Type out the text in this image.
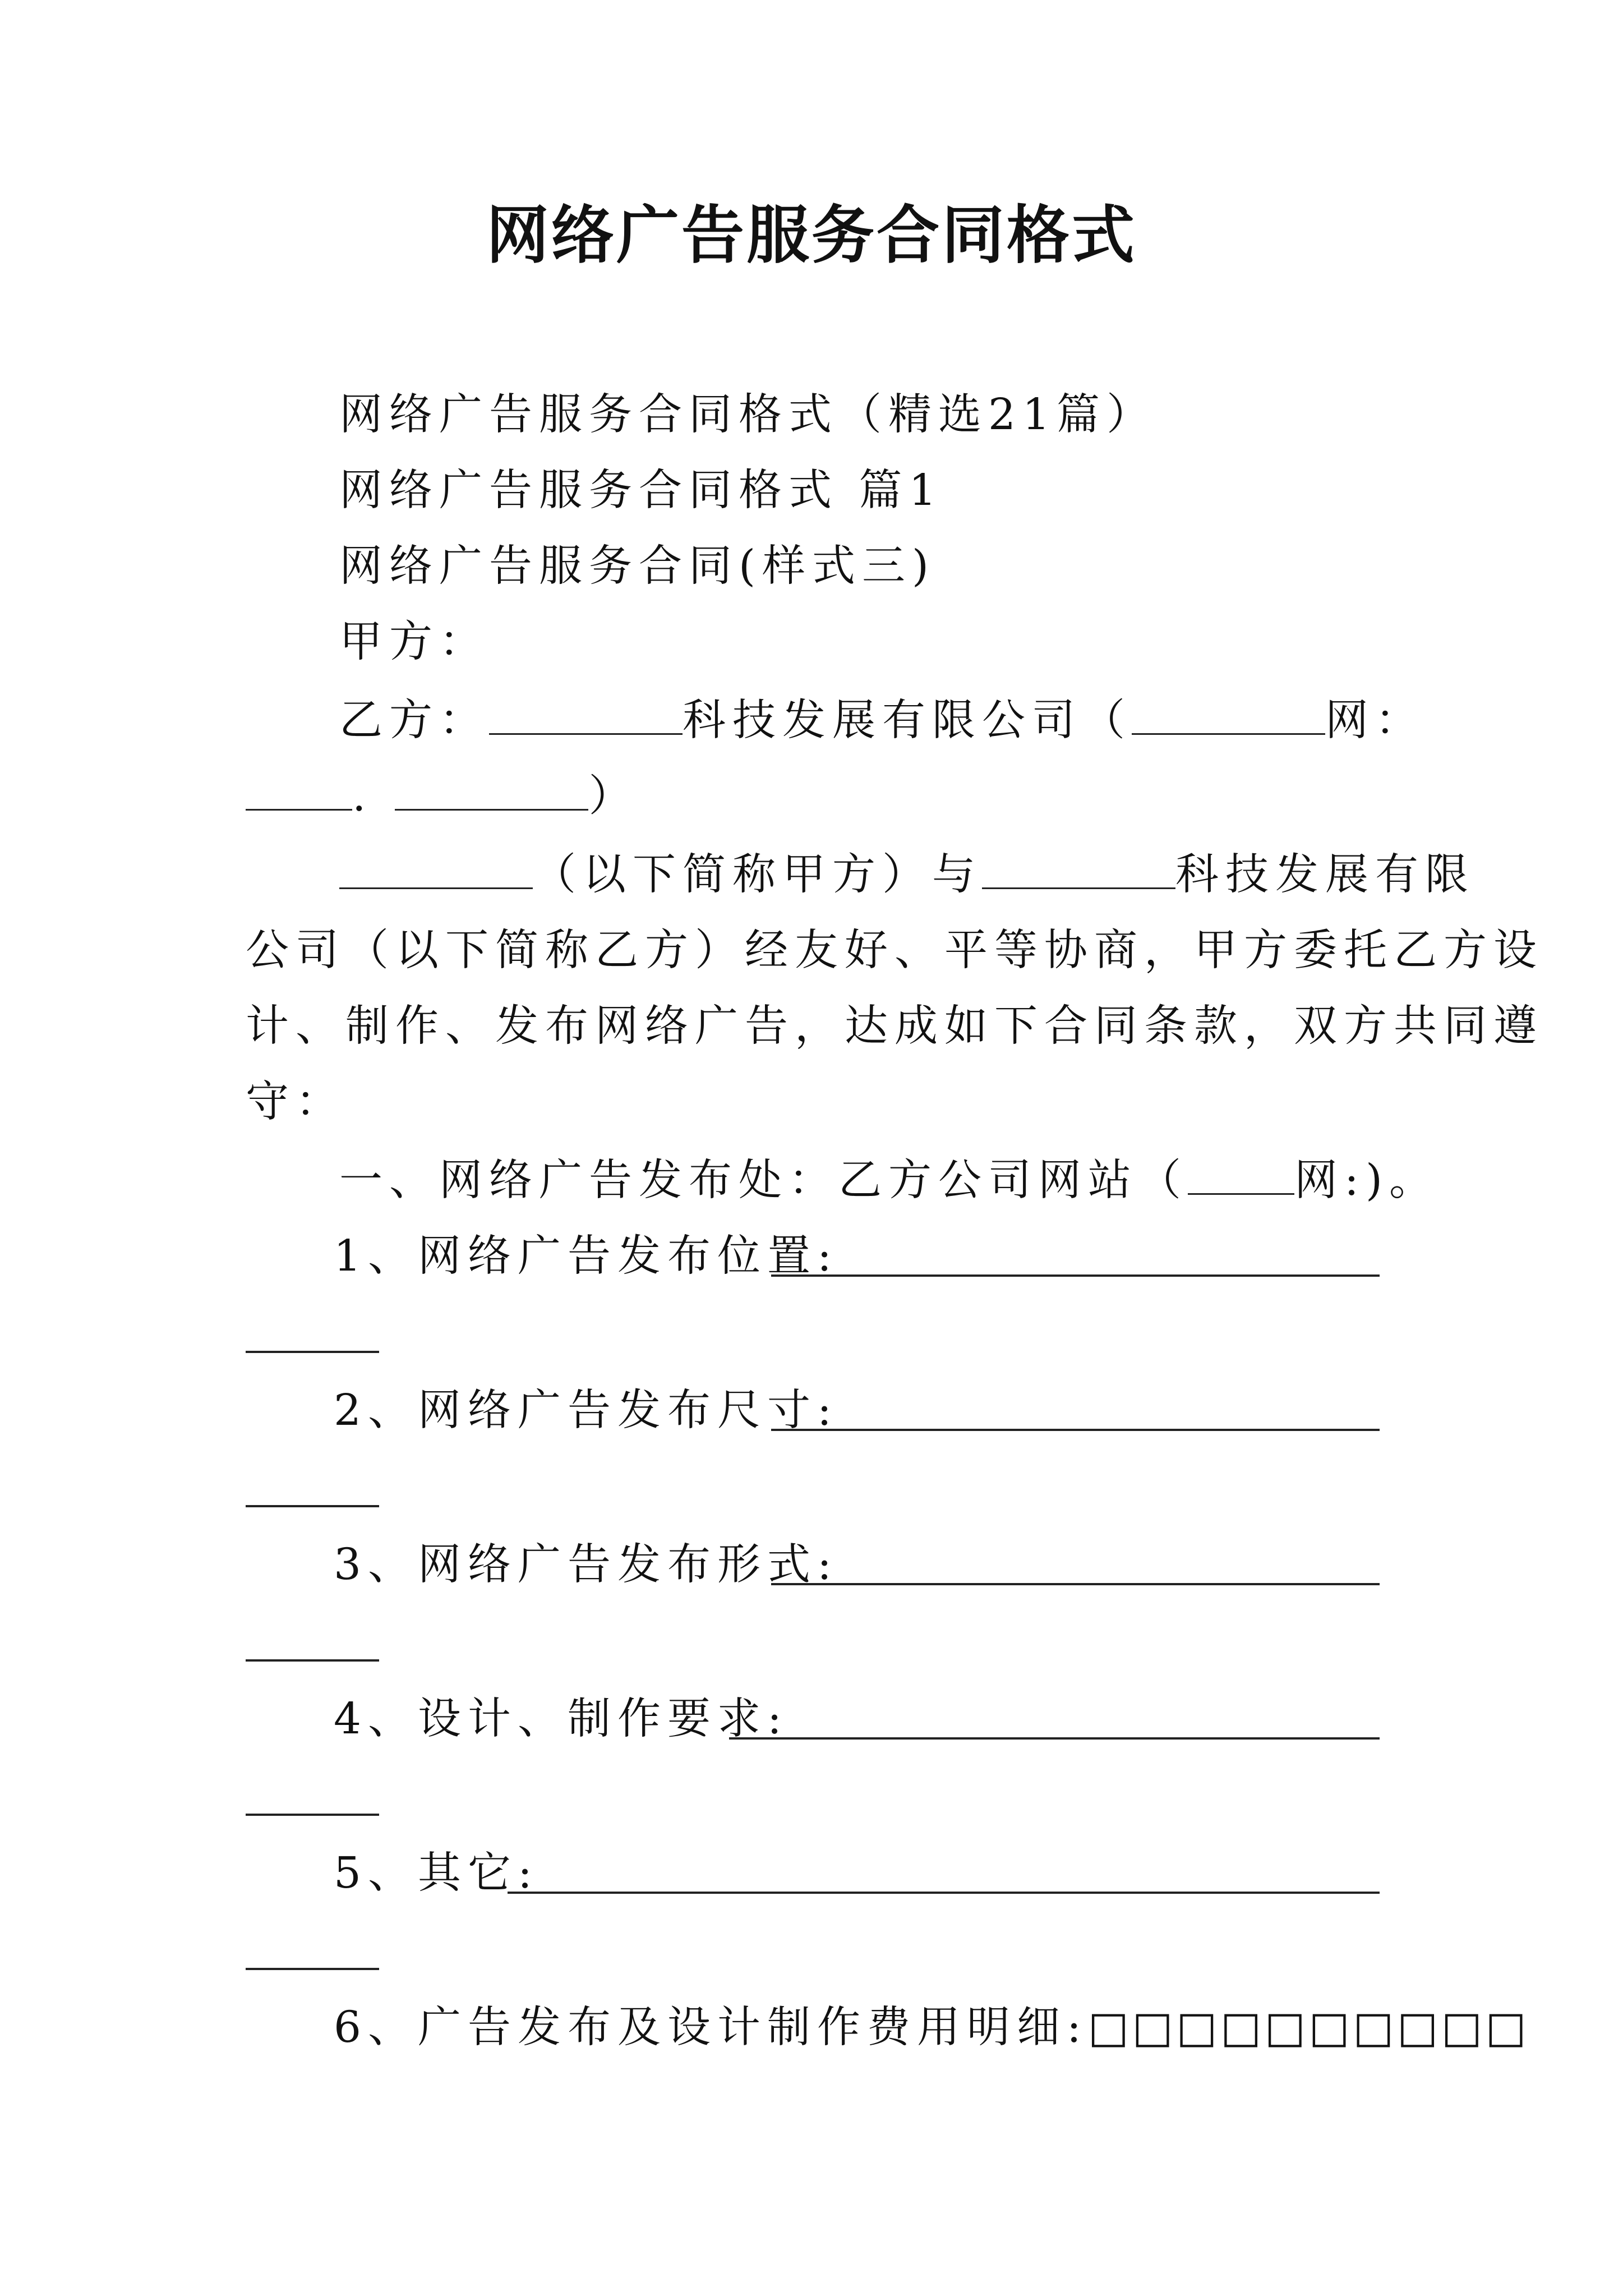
网络广告服务合同格式
网络广告服务合同格式（精选21篇）
网络广告服务合同格式 篇1
网络广告服务合同(样式三)
甲方：
乙方：	科技发展有限公司（	网：
.	）
（以下简称甲方）与	科技发展有限
公司（以下简称乙方）经友好、平等协商，甲方委托乙方设
计、制作、发布网络广告，达成如下合同条款，双方共同遵
守：
一、网络广告发布处：乙方公司网站（ 网:)。
1、网络广告发布位置:
2、网络广告发布尺寸:
3、网络广告发布形式:
4、设计、制作要求:
5、其它:
6、广告发布及设计制作费用明细:□□□□□□□□□□
